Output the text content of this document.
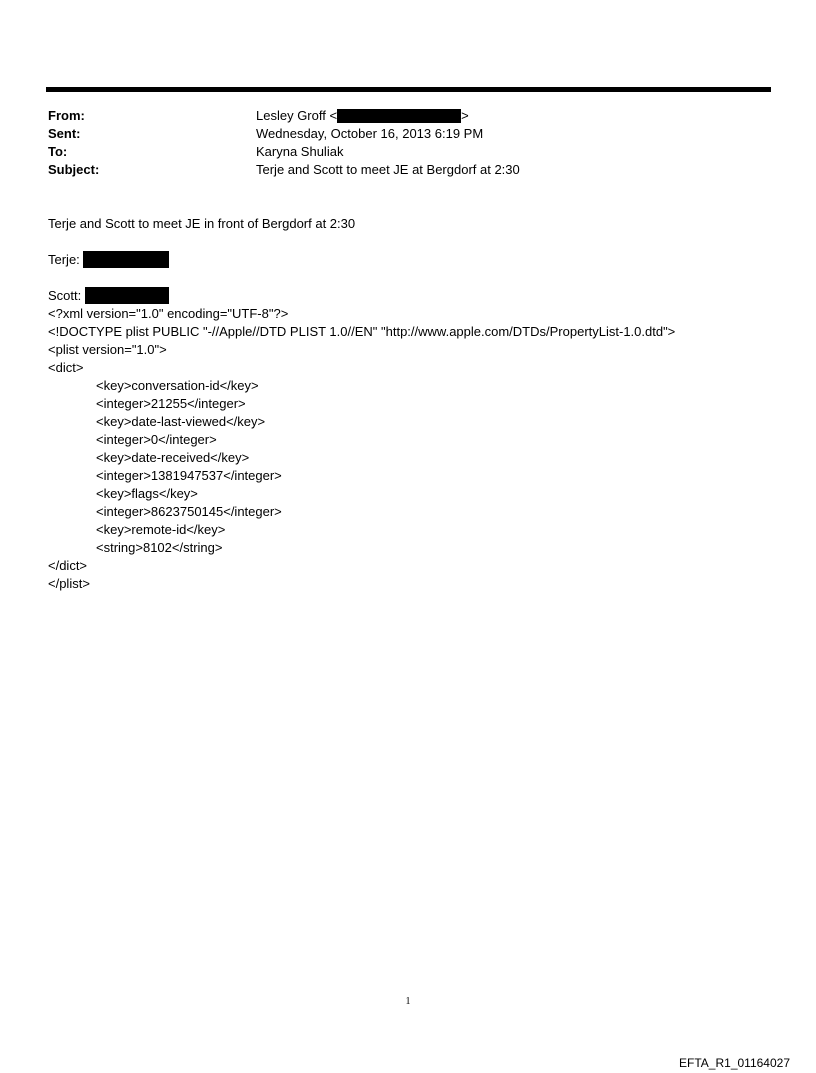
From:	Lesley Groff <	>
Sent:	Wednesday, October 16, 2013 6:19 PM
To:	Karyna Shuliak
Subject:	Terje and Scott to meet JE at Bergdorf at 2:30
Terje and Scott to meet JE in front of Bergdorf at 2:30
Terje:
Scott:
<?xml version="1.0" encoding="UTF-8"?>
<!DOCTYPE plist PUBLIC "-//Apple//DTD PLIST 1.0//EN" "http://www.apple.com/DTDs/PropertyList-1.0.dtd">
<plist version="1.0">
<dict>
<key>conversation-id</key>
<integer>21255</integer>
<key>date-last-viewed</key>
<integer>0</integer>
<key>date-received</key>
<integer>1381947537</integer>
<key>flags</key>
<integer>8623750145</integer>
<key>remote-id</key>
<string>8102</string>
</dict>
</plist>
1
EFTA_R1_01164027
